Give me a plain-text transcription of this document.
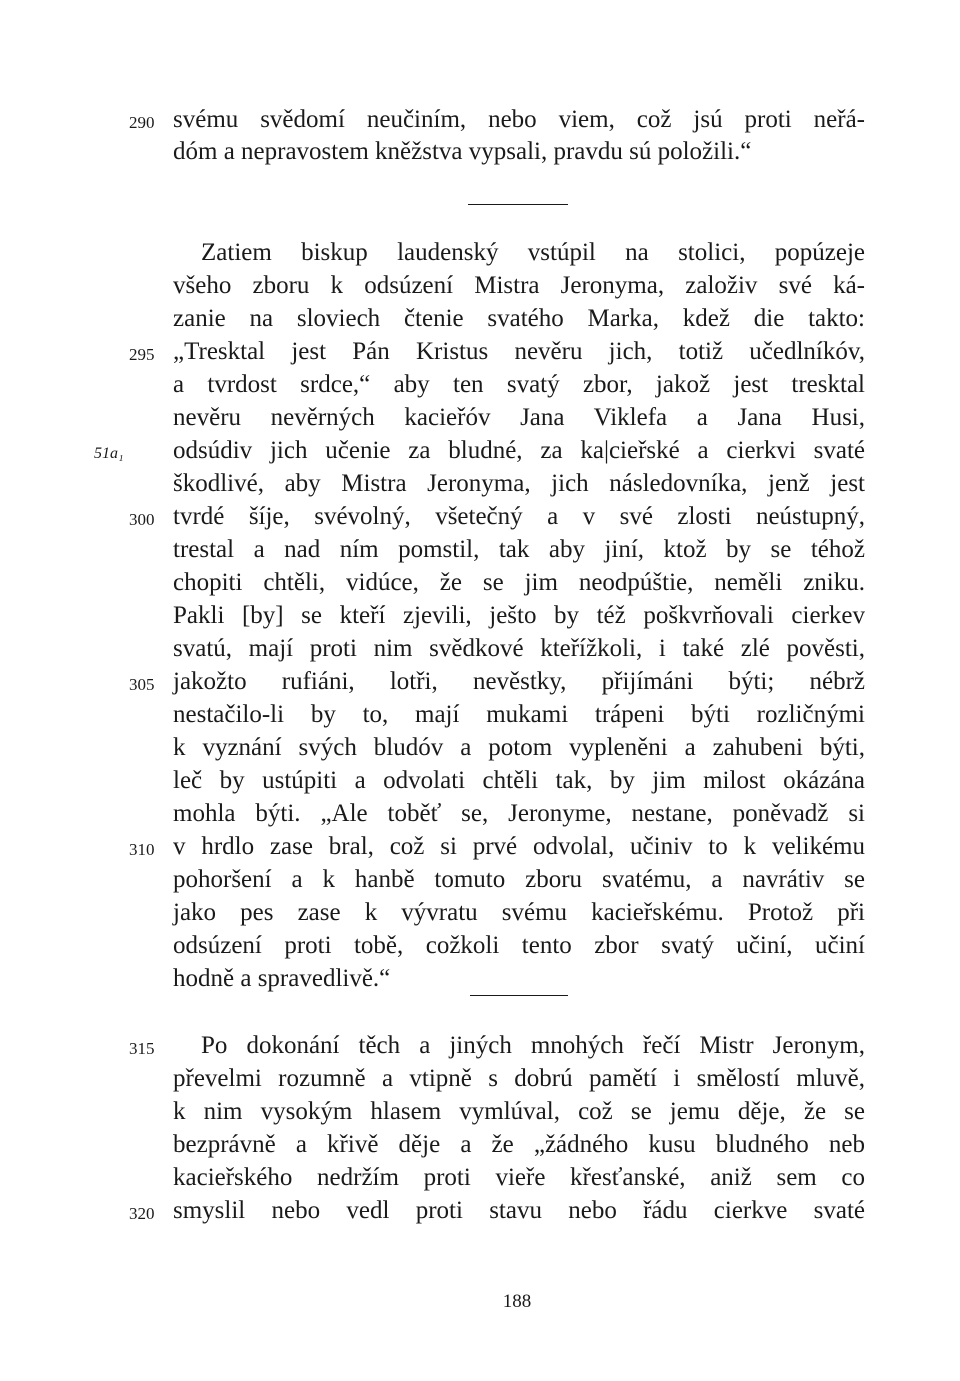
290 svému svědomí neučiním, nebo viem, což jsú proti neřá-
dóm a nepravostem kněžstva vypsali, pravdu sú položili.“
Zatiem biskup laudenský vstúpil na stolici, popúzeje
všeho zboru k odsúzení Mistra Jeronyma, založiv své ká-
zanie na sloviech čtenie svatého Marka, kdež die takto:
295 „Tresktal jest Pán Kristus nevěru jich, totiž učedlníkóv,
a tvrdost srdce,“ aby ten svatý zbor, jakož jest tresktal
nevěru nevěrných kacieřóv Jana Viklefa a Jana Husi,
51a₁ odsúdiv jich učenie za bludné, za ka|cieřské a cierkvi svaté
škodlivé, aby Mistra Jeronyma, jich následovníka, jenž jest
300 tvrdé šíje, svévolný, všetečný a v své zlosti neústupný,
trestal a nad ním pomstil, tak aby jiní, ktož by se téhož
chopiti chtěli, vidúce, že se jim neodpúštie, neměli zniku.
Pakli [by] se kteří zjevili, ješto by též poškvrňovali cierkev
svatú, mají proti nim svědkové kteřížkoli, i také zlé pověsti,
305 jakožto rufiáni, lotři, nevěstky, přijímáni býti; nébrž
nestačilo-li by to, mají mukami trápeni býti rozličnými
k vyznání svých bludóv a potom vypleněni a zahubeni býti,
leč by ustúpiti a odvolati chtěli tak, by jim milost okázána
mohla býti. „Ale toběť se, Jeronyme, nestane, poněvadž si
310 v hrdlo zase bral, což si prvé odvolal, učiniv to k velikému
pohoršení a k hanbě tomuto zboru svatému, a navrátiv se
jako pes zase k vývratu svému kacieřskému. Protož při
odsúzení proti tobě, cožkoli tento zbor svatý učiní, učiní
hodně a spravedlivě.“
315	Po dokonání těch a jiných mnohých řečí Mistr Jeronym,
převelmi rozumně a vtipně s dobrú pamětí i smělostí mluvě,
k nim vysokým hlasem vymlúval, což se jemu děje, že se
bezprávně a křivě děje a že „žádného kusu bludného neb
kacieřského nedržím proti vieře křesťanské, aniž sem co
320 smyslil nebo vedl proti stavu nebo řádu cierkve svaté
188
